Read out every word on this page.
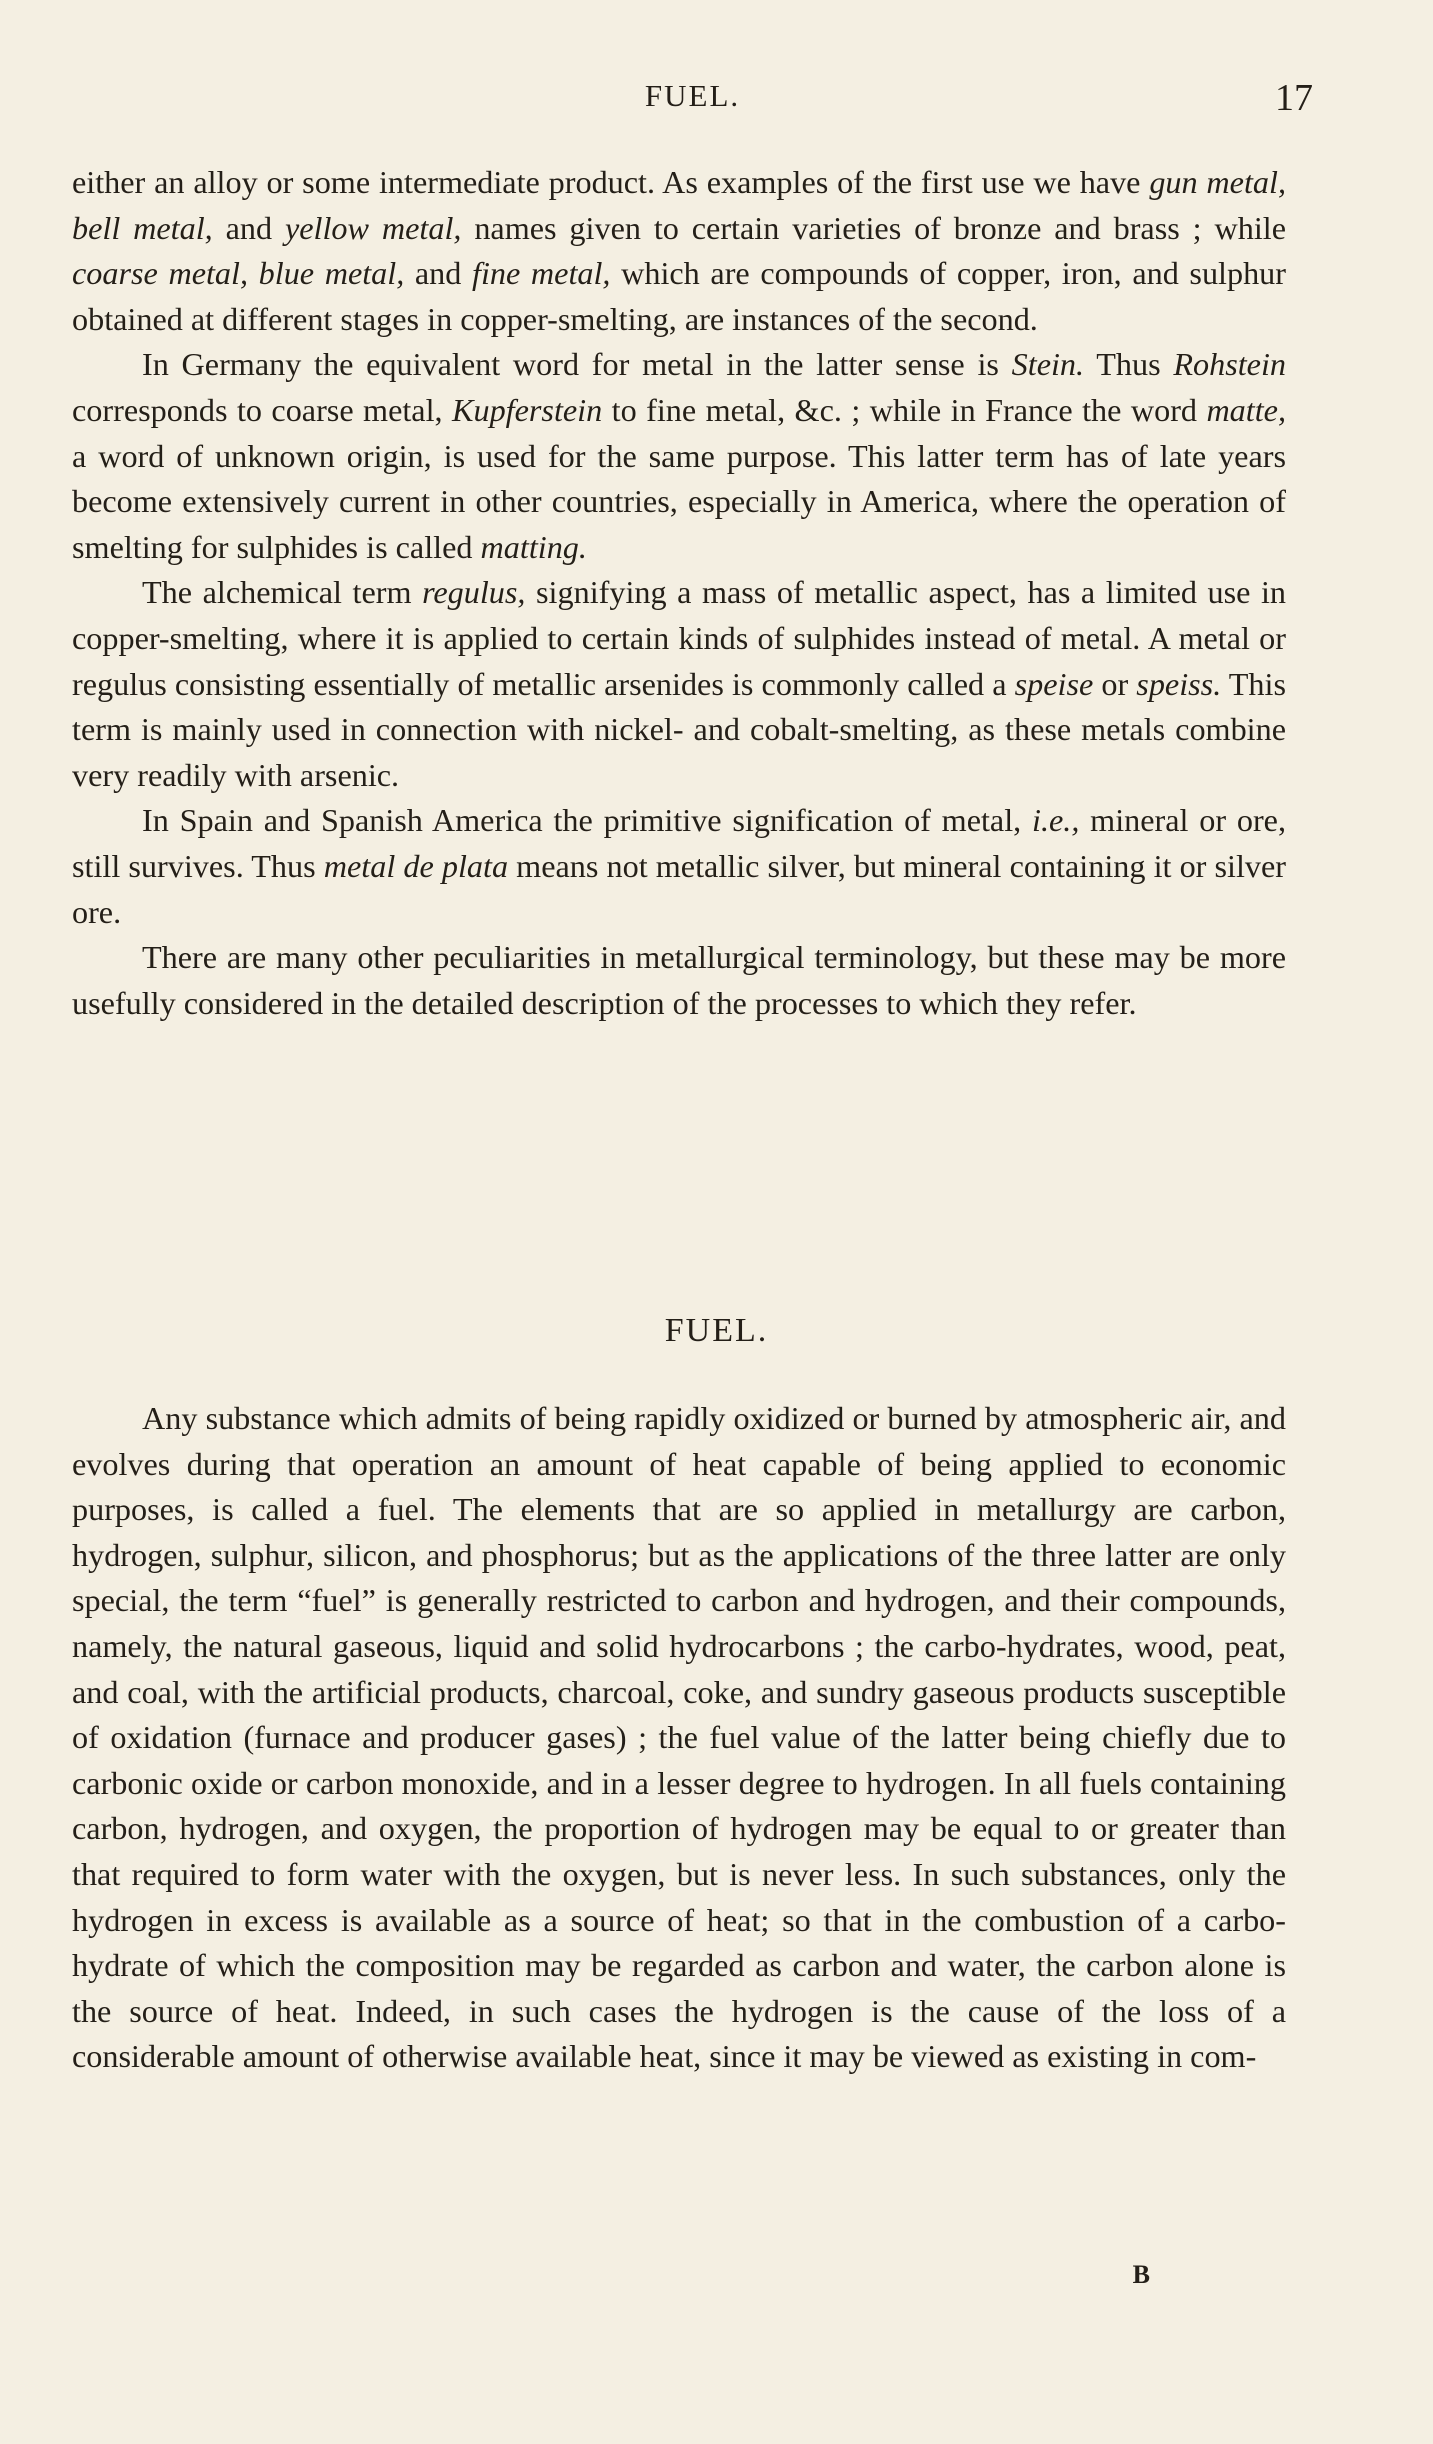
FUEL.	17

either an alloy or some intermediate product. As examples of the first use we have gun metal, bell metal, and yellow metal, names given to certain varieties of bronze and brass ; while coarse metal, blue metal, and fine metal, which are compounds of copper, iron, and sulphur obtained at different stages in copper-smelting, are instances of the second.

In Germany the equivalent word for metal in the latter sense is Stein. Thus Rohstein corresponds to coarse metal, Kupferstein to fine metal, &c. ; while in France the word matte, a word of unknown origin, is used for the same purpose. This latter term has of late years become extensively current in other countries, especially in America, where the operation of smelting for sulphides is called matting.

The alchemical term regulus, signifying a mass of metallic aspect, has a limited use in copper-smelting, where it is applied to certain kinds of sulphides instead of metal. A metal or regulus consisting essentially of metallic arsenides is commonly called a speise or speiss. This term is mainly used in connection with nickel- and cobalt-smelting, as these metals combine very readily with arsenic.

In Spain and Spanish America the primitive signification of metal, i.e., mineral or ore, still survives. Thus metal de plata means not metallic silver, but mineral containing it or silver ore.

There are many other peculiarities in metallurgical terminology, but these may be more usefully considered in the detailed description of the processes to which they refer.

FUEL.

Any substance which admits of being rapidly oxidized or burned by atmospheric air, and evolves during that operation an amount of heat capable of being applied to economic purposes, is called a fuel. The elements that are so applied in metallurgy are carbon, hydrogen, sulphur, silicon, and phosphorus; but as the applications of the three latter are only special, the term “fuel” is generally restricted to carbon and hydrogen, and their compounds, namely, the natural gaseous, liquid and solid hydrocarbons ; the carbo-hydrates, wood, peat, and coal, with the artificial products, charcoal, coke, and sundry gaseous products susceptible of oxidation (furnace and producer gases) ; the fuel value of the latter being chiefly due to carbonic oxide or carbon monoxide, and in a lesser degree to hydrogen. In all fuels containing carbon, hydrogen, and oxygen, the proportion of hydrogen may be equal to or greater than that required to form water with the oxygen, but is never less. In such substances, only the hydrogen in excess is available as a source of heat; so that in the combustion of a carbo-hydrate of which the composition may be regarded as carbon and water, the carbon alone is the source of heat. Indeed, in such cases the hydrogen is the cause of the loss of a considerable amount of otherwise available heat, since it may be viewed as existing in com-

B
